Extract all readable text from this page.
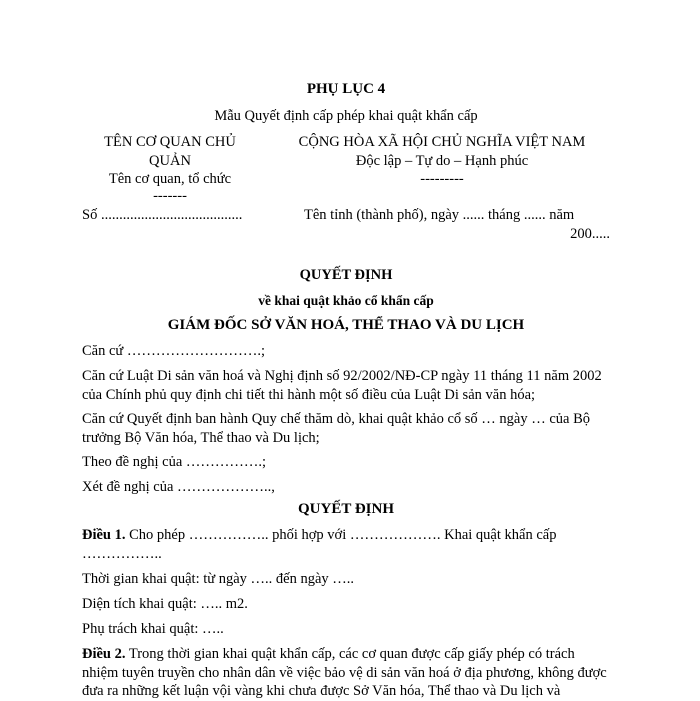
PHỤ LỤC 4
Mẫu Quyết định cấp phép khai quật khẩn cấp
TÊN CƠ QUAN CHỦ
QUẢN
Tên cơ quan, tổ chức
-------
CỘNG HÒA XÃ HỘI CHỦ NGHĨA VIỆT NAM
Độc lập – Tự do – Hạnh phúc
---------
Số .......................................	Tên tỉnh (thành phố), ngày ...... tháng ...... năm
200.....
QUYẾT ĐỊNH
về khai quật khảo cổ khẩn cấp
GIÁM ĐỐC SỞ VĂN HOÁ, THỂ THAO VÀ DU LỊCH

Căn cứ ……………………….;

Căn cứ Luật Di sản văn hoá và Nghị định số 92/2002/NĐ-CP ngày 11 tháng 11 năm 2002 của Chính phủ quy định chi tiết thi hành một số điều của Luật Di sản văn hóa;

Căn cứ Quyết định ban hành Quy chế thăm dò, khai quật khảo cổ số … ngày … của Bộ trưởng Bộ Văn hóa, Thể thao và Du lịch;

Theo đề nghị của …………….;

Xét đề nghị của ………………..,

QUYẾT ĐỊNH

Điều 1. Cho phép …………….. phối hợp với ………………. Khai quật khẩn cấp ……………..

Thời gian khai quật: từ ngày ….. đến ngày …..

Diện tích khai quật: ….. m2.

Phụ trách khai quật: …..

Điều 2. Trong thời gian khai quật khẩn cấp, các cơ quan được cấp giấy phép có trách nhiệm tuyên truyền cho nhân dân về việc bảo vệ di sản văn hoá ở địa phương, không được đưa ra những kết luận vội vàng khi chưa được Sở Văn hóa, Thể thao và Du lịch và
